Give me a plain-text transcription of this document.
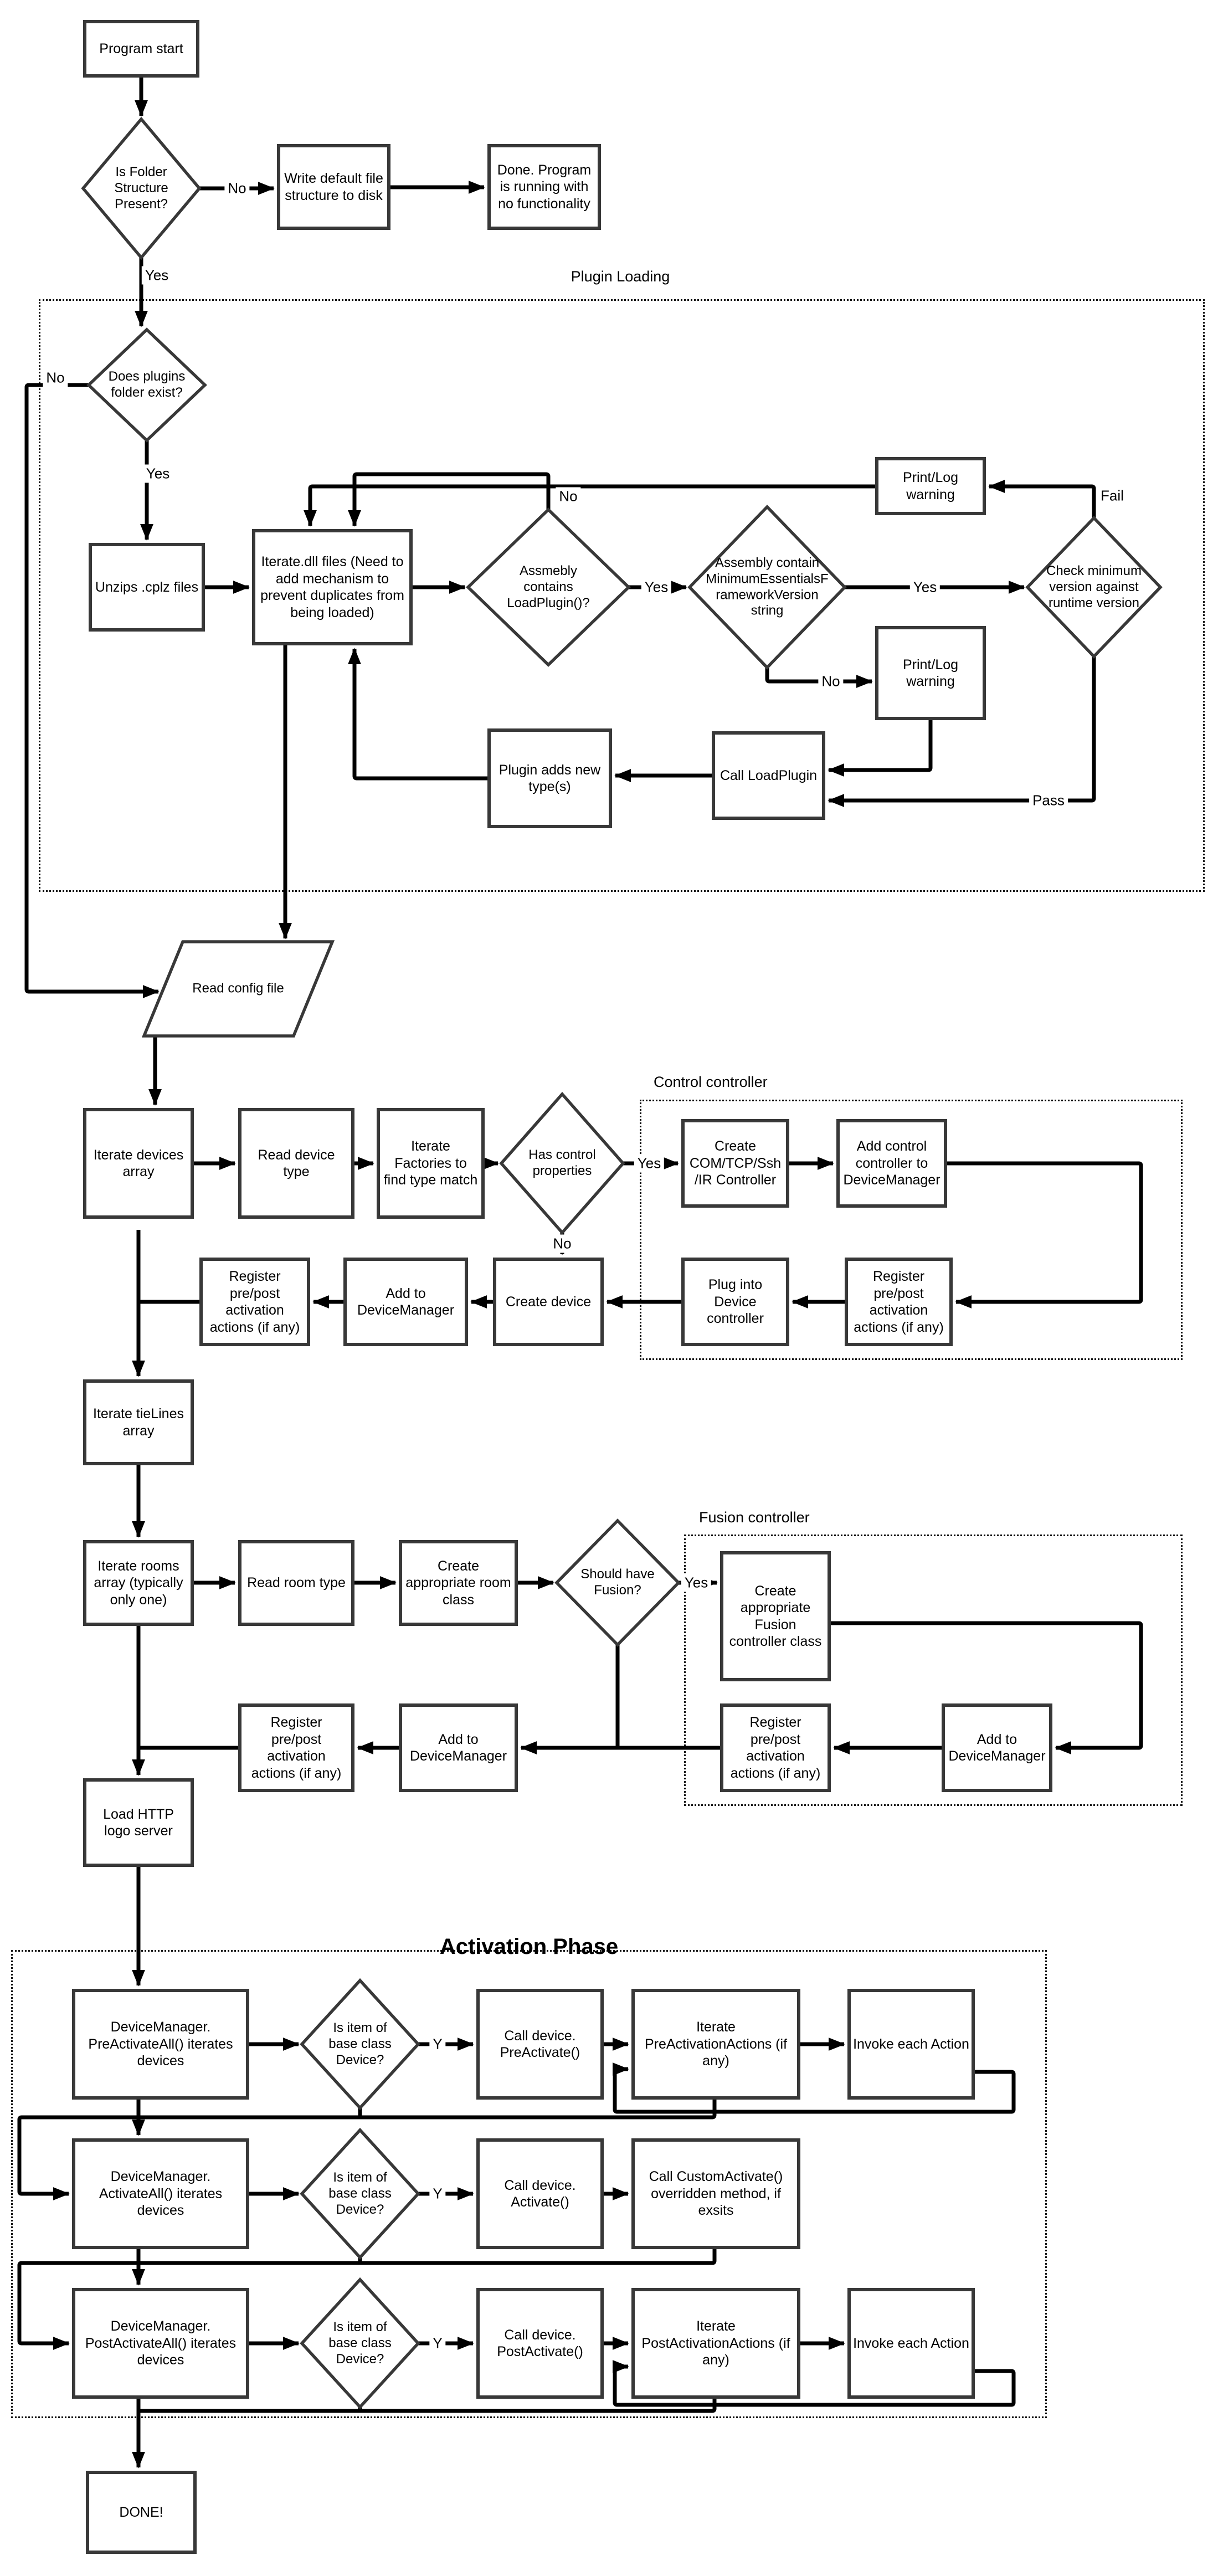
Plugin Loading
Control controller
Fusion controller
Activation Phase
Program start
Write default file structure to disk
Done. Program is running with no functionality
Unzips .cplz files
Iterate.dll files (Need to add mechanism to prevent duplicates from being loaded)
Print/Log warning
Print/Log warning
Call LoadPlugin
Plugin adds new type(s)
Iterate devices array
Read device type
Iterate Factories to find type match
Create COM/TCP/Ssh /IR Controller
Add control controller to DeviceManager
Register pre/post activation actions (if any)
Plug into Device controller
Register pre/post activation actions (if any)
Add to DeviceManager
Create device
Iterate tieLines array
Iterate rooms array (typically only one)
Read room type
Create appropriate room class
Create appropriate Fusion controller class
Add to DeviceManager
Register pre/post activation actions (if any)
Register pre/post activation actions (if any)
Add to DeviceManager
Load HTTP logo server
DeviceManager. PreActivateAll() iterates devices
Call device. PreActivate()
Iterate PreActivationActions (if any)
Invoke each Action
DeviceManager. ActivateAll() iterates devices
Call device. Activate()
Call CustomActivate() overridden method, if exsits
DeviceManager. PostActivateAll() iterates devices
Call device. PostActivate()
Iterate PostActivationActions (if any)
Invoke each Action
DONE!
Is Folder Structure Present?
Does plugins folder exist?
Assmebly contains LoadPlugin()?
Assembly contain MinimumEssentialsFrameworkVersion string
Check minimum version against runtime version
Has control properties
Should have Fusion?
Is item of base class Device?
Is item of base class Device?
Is item of base class Device?
Read config file
No
Yes
No
Yes
Yes	Yes
No	Fail
No
Pass
Yes
No
Yes
Y
Y
Y
